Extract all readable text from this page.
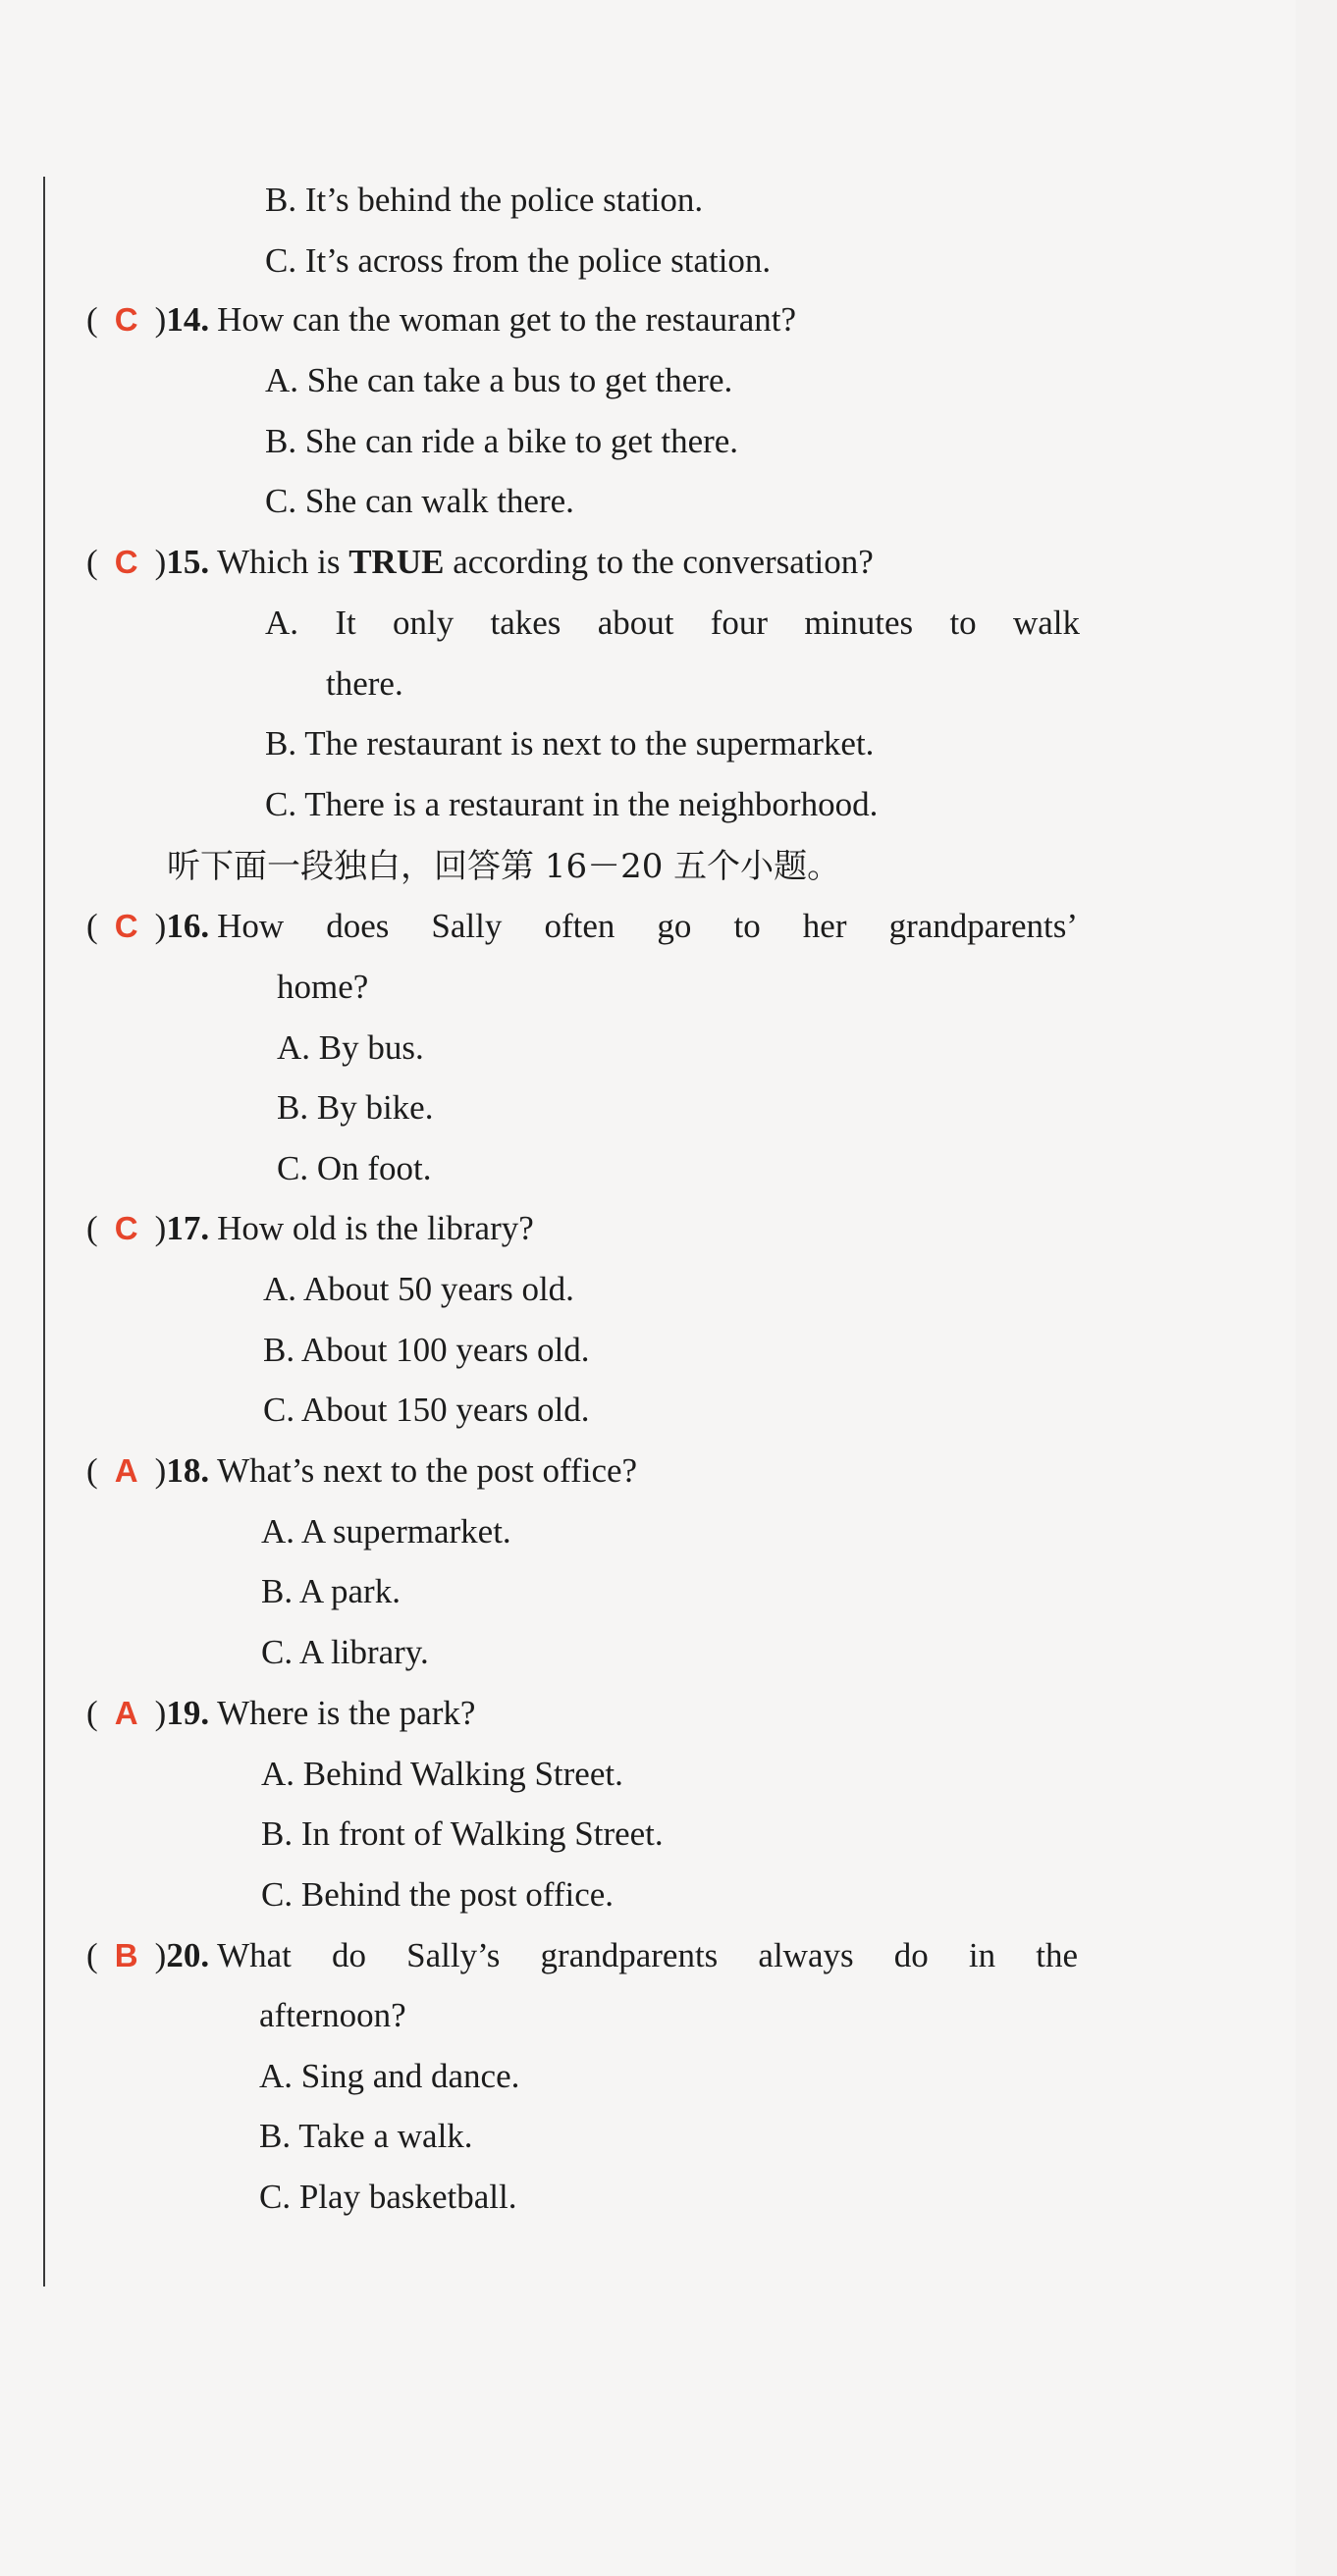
B. It’s behind the police station.
C. It’s across from the police station.
( C ) 14. How can the woman get to the restaurant?
A. She can take a bus to get there.
B. She can ride a bike to get there.
C. She can walk there.
( C ) 15. Which is TRUE according to the conversation?
A. It only takes about four minutes to walk
there.
B. The restaurant is next to the supermarket.
C. There is a restaurant in the neighborhood.
听下面一段独白，回答第 16－20 五个小题。
( C ) 16. How does Sally often go to her grandparents’
home?
A. By bus.
B. By bike.
C. On foot.
( C ) 17. How old is the library?
A. About 50 years old.
B. About 100 years old.
C. About 150 years old.
( A ) 18. What’s next to the post office?
A. A supermarket.
B. A park.
C. A library.
( A ) 19. Where is the park?
A. Behind Walking Street.
B. In front of Walking Street.
C. Behind the post office.
( B ) 20. What do Sally’s grandparents always do in the
afternoon?
A. Sing and dance.
B. Take a walk.
C. Play basketball.
